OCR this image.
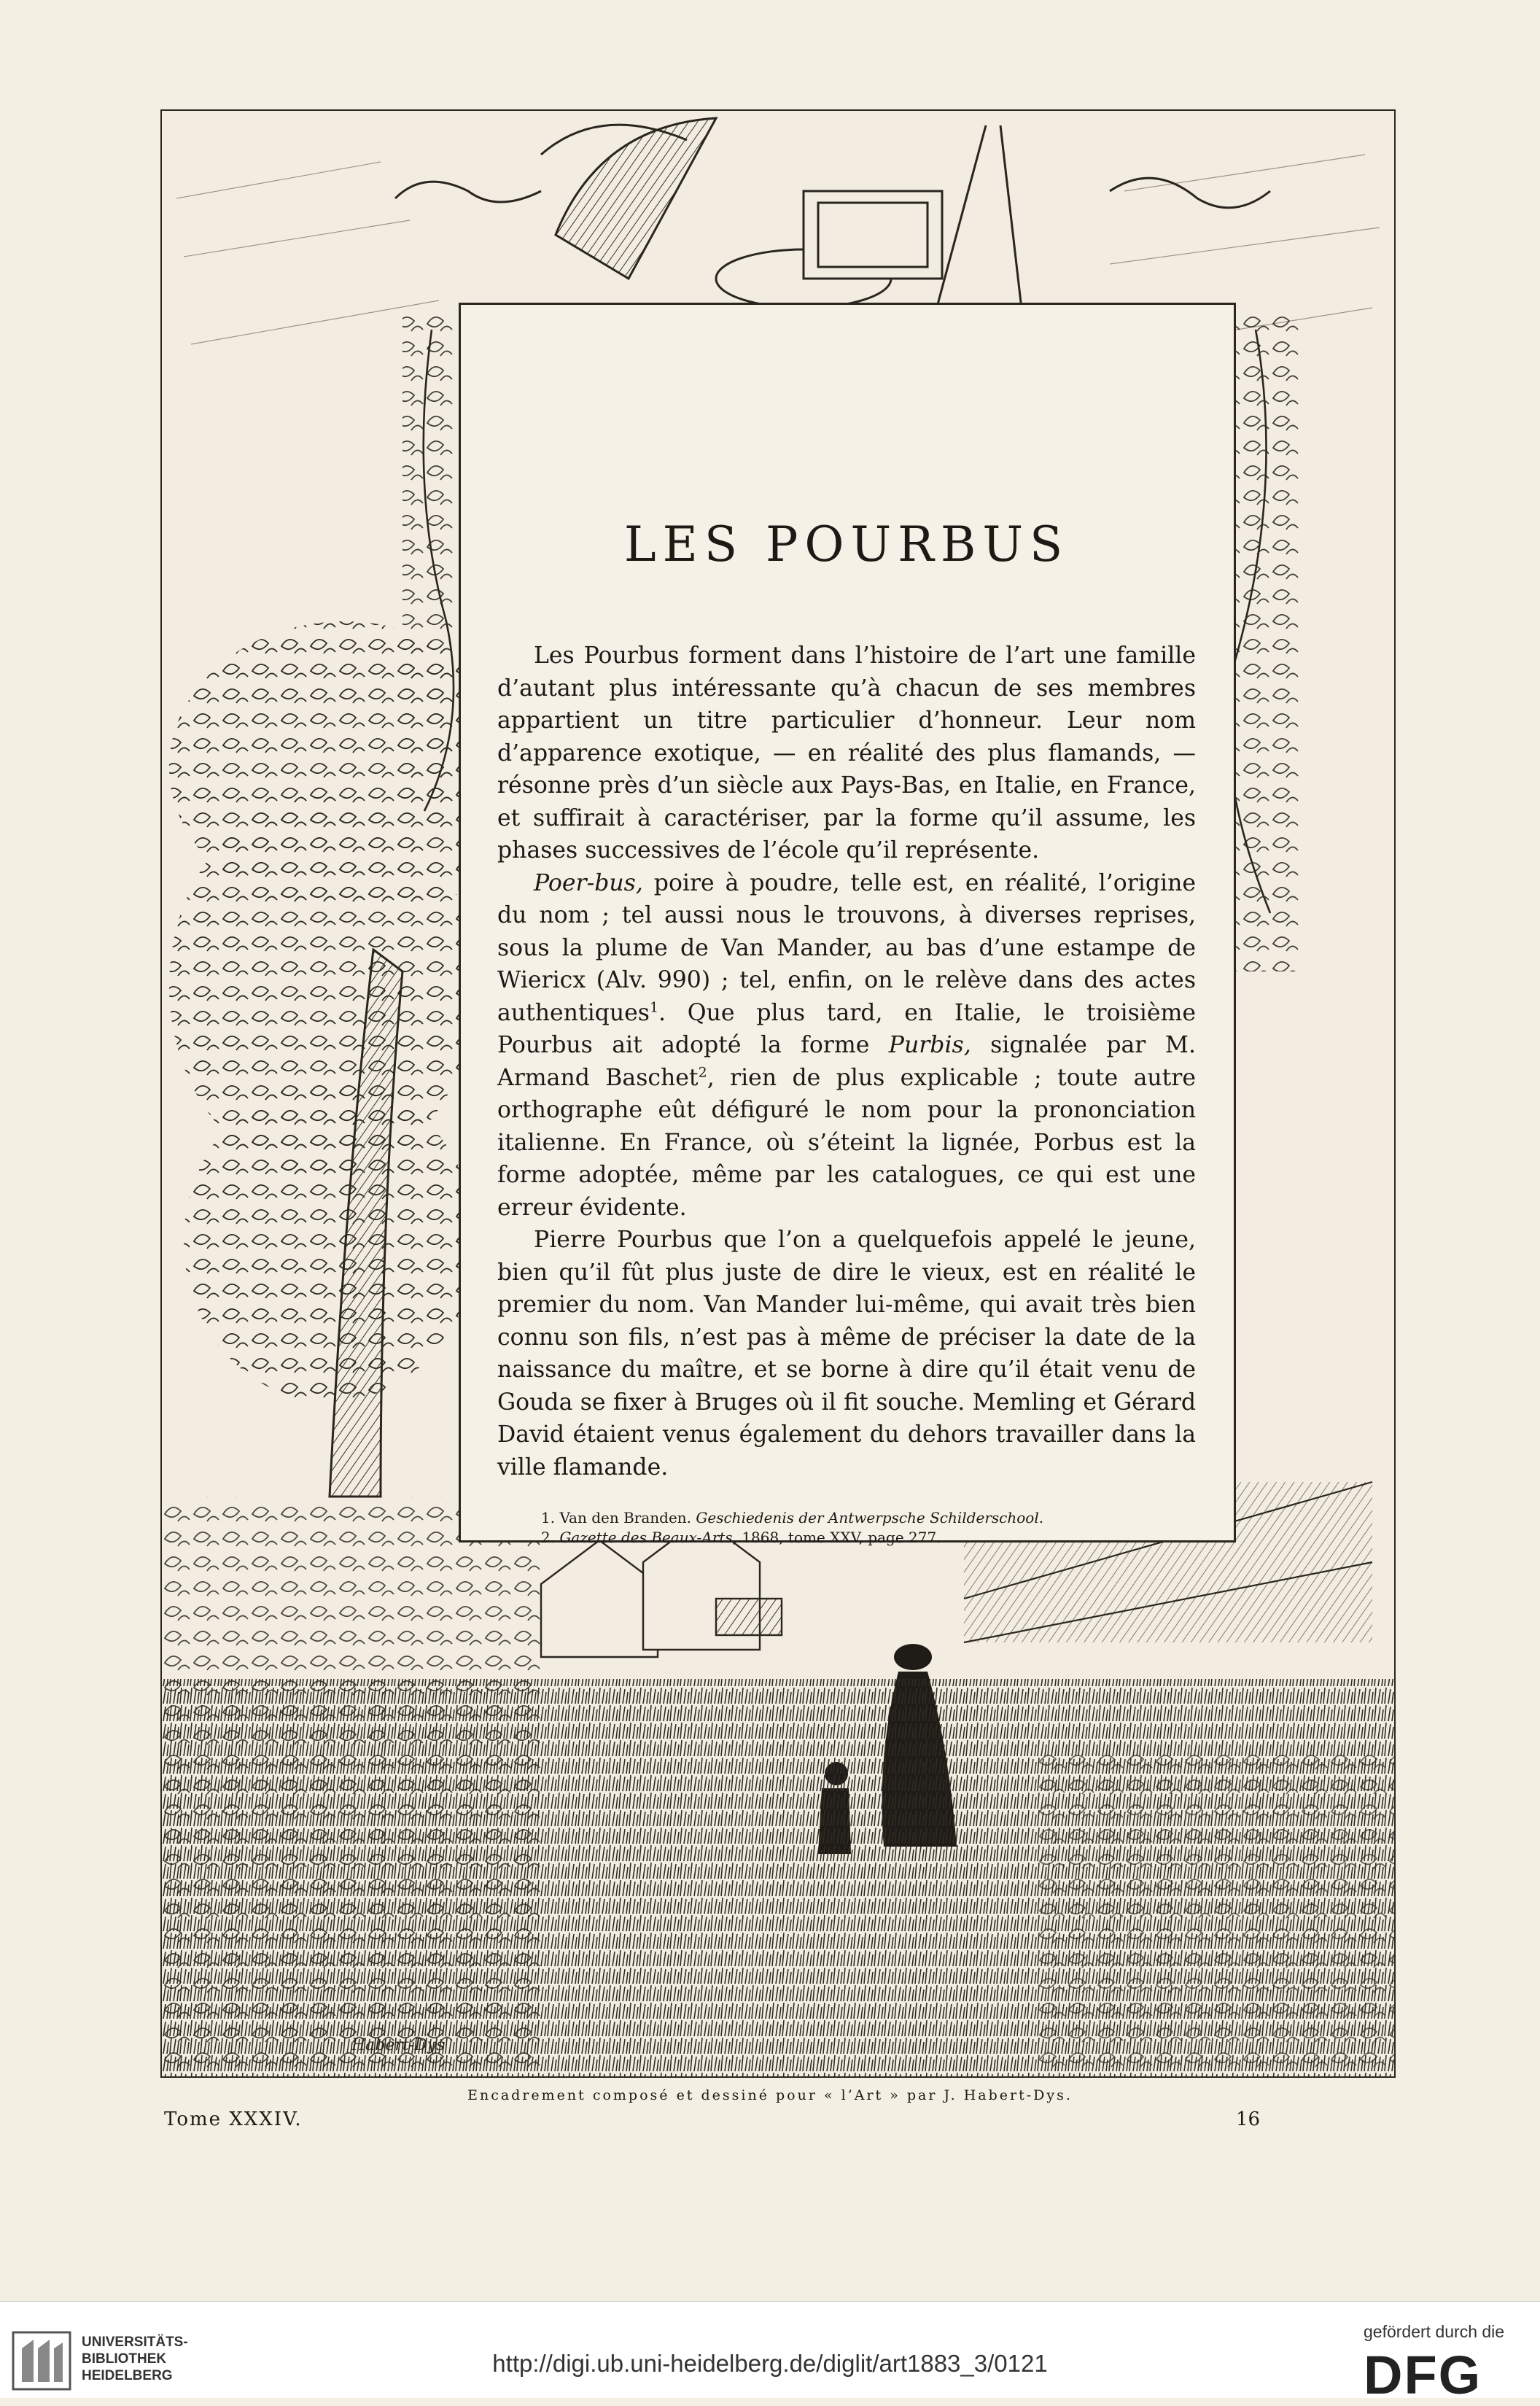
Habert-Dys
LES POURBUS

Les Pourbus forment dans l’histoire de l’art une famille d’autant plus intéressante qu’à chacun de ses membres appartient un titre particulier d’honneur. Leur nom d’apparence exotique, — en réalité des plus flamands, — résonne près d’un siècle aux Pays-Bas, en Italie, en France, et suffirait à caractériser, par la forme qu’il assume, les phases successives de l’école qu’il représente.

Poer-bus, poire à poudre, telle est, en réalité, l’origine du nom ; tel aussi nous le trouvons, à diverses reprises, sous la plume de Van Mander, au bas d’une estampe de Wiericx (Alv. 990) ; tel, enfin, on le relève dans des actes authentiques$^1$. Que plus tard, en Italie, le troisième Pourbus ait adopté la forme Purbis, signalée par M. Armand Baschet$^2$, rien de plus explicable ; toute autre orthographe eût défiguré le nom pour la prononciation italienne. En France, où s’éteint la lignée, Porbus est la forme adoptée, même par les catalogues, ce qui est une erreur évidente.

Pierre Pourbus que l’on a quelquefois appelé le jeune, bien qu’il fût plus juste de dire le vieux, est en réalité le premier du nom. Van Mander lui-même, qui avait très bien connu son fils, n’est pas à même de préciser la date de la naissance du maître, et se borne à dire qu’il était venu de Gouda se fixer à Bruges où il fit souche. Memling et Gérard David étaient venus également du dehors travailler dans la ville flamande.

1. Van den Branden. Geschiedenis der Antwerpsche Schilderschool.
2. Gazette des Beaux-Arts, 1868, tome XXV, page 277.
Encadrement composé et dessiné pour « l’Art » par J. Habert-Dys.
Tome XXXIV.	16
UNIVERSITÄTS-
BIBLIOTHEK
HEIDELBERG	http://digi.ub.uni-heidelberg.de/diglit/art1883_3/0121
gefördert durch die
DFG
